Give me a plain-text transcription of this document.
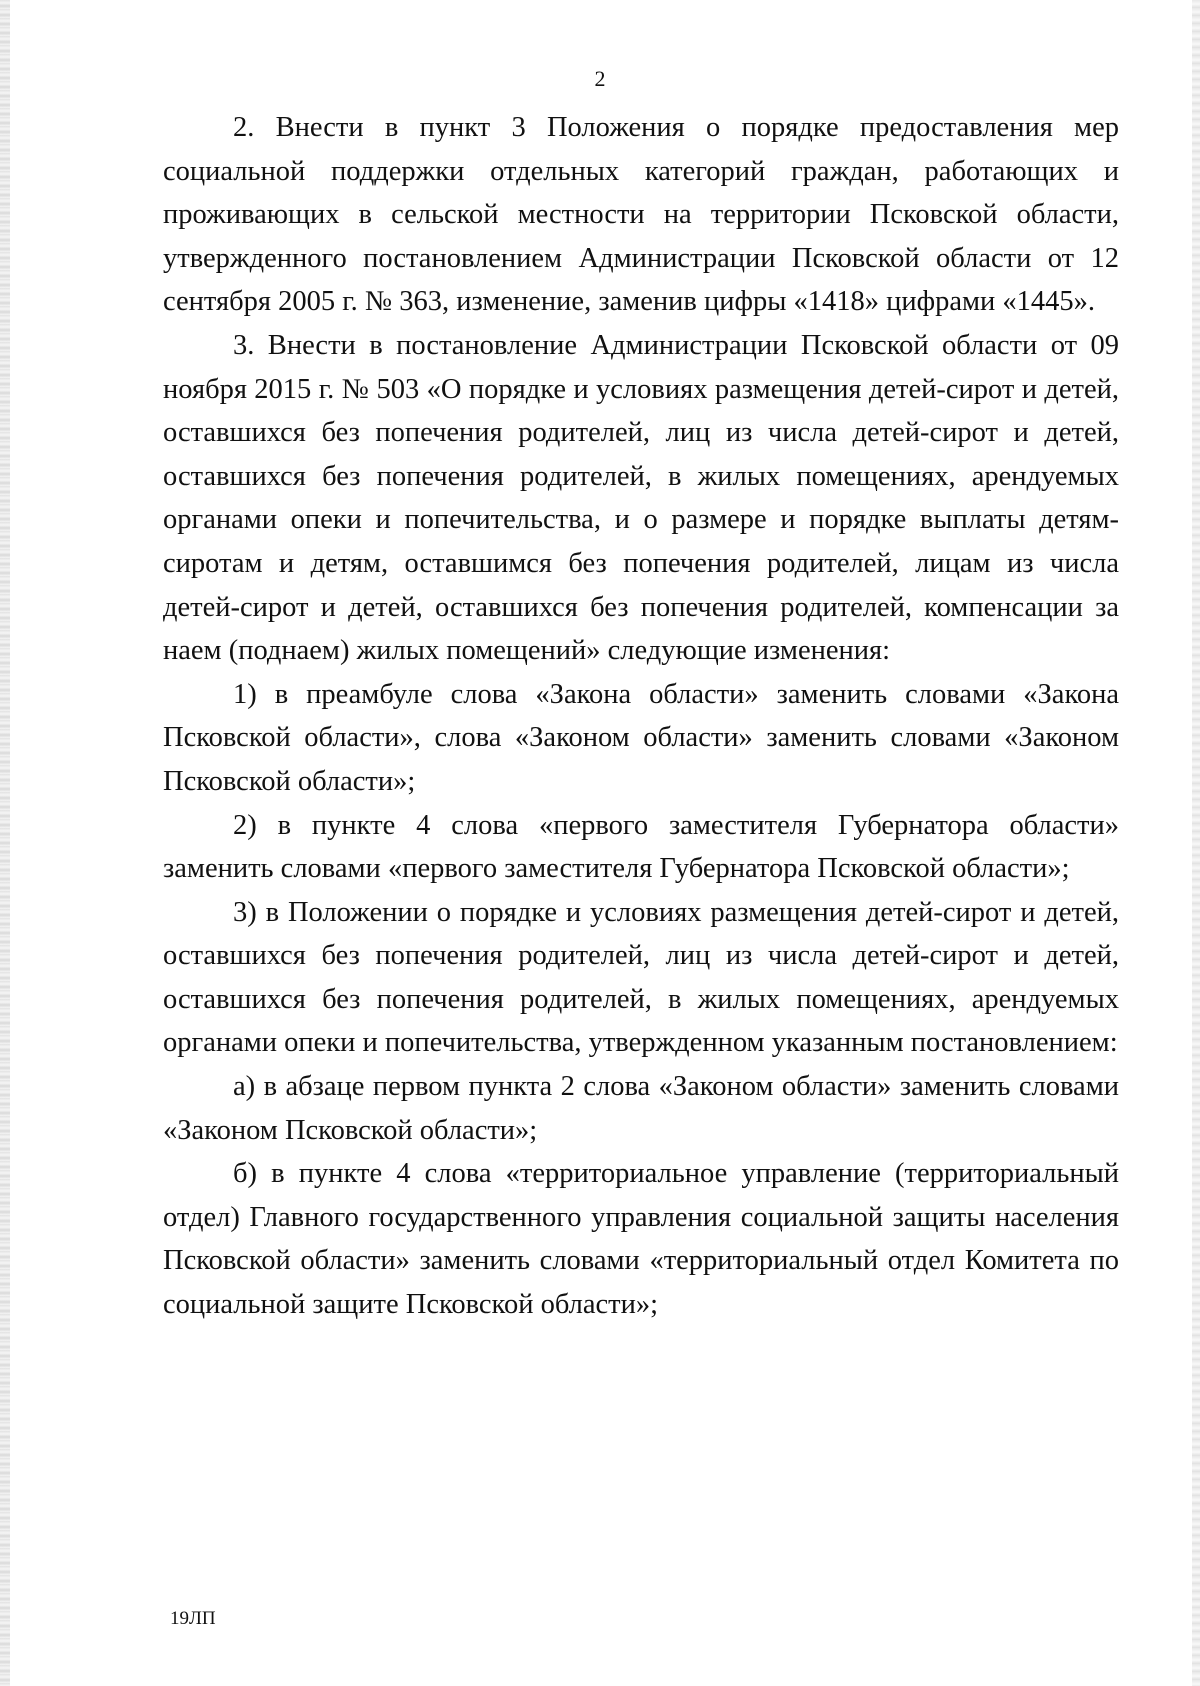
2

2. Внести в пункт 3 Положения о порядке предоставления мер социальной поддержки отдельных категорий граждан, работающих и проживающих в сельской местности на территории Псковской области, утвержденного постановлением Администрации Псковской области от 12 сентября 2005 г. № 363, изменение, заменив цифры «1418» цифрами «1445».

3. Внести в постановление Администрации Псковской области от 09 ноября 2015 г. № 503 «О порядке и условиях размещения детей-сирот и детей, оставшихся без попечения родителей, лиц из числа детей-сирот и детей, оставшихся без попечения родителей, в жилых помещениях, арендуемых органами опеки и попечительства, и о размере и порядке выплаты детям-сиротам и детям, оставшимся без попечения родителей, лицам из числа детей-сирот и детей, оставшихся без попечения родителей, компенсации за наем (поднаем) жилых помещений» следующие изменения:

1) в преамбуле слова «Закона области» заменить словами «Закона Псковской области», слова «Законом области» заменить словами «Законом Псковской области»;

2) в пункте 4 слова «первого заместителя Губернатора области» заменить словами «первого заместителя Губернатора Псковской области»;

3) в Положении о порядке и условиях размещения детей-сирот и детей, оставшихся без попечения родителей, лиц из числа детей-сирот и детей, оставшихся без попечения родителей, в жилых помещениях, арендуемых органами опеки и попечительства, утвержденном указанным постановлением:

а) в абзаце первом пункта 2 слова «Законом области» заменить словами «Законом Псковской области»;

б) в пункте 4 слова «территориальное управление (территориальный отдел) Главного государственного управления социальной защиты населения Псковской области» заменить словами «территориальный отдел Комитета по социальной защите Псковской области»;

19ЛП
